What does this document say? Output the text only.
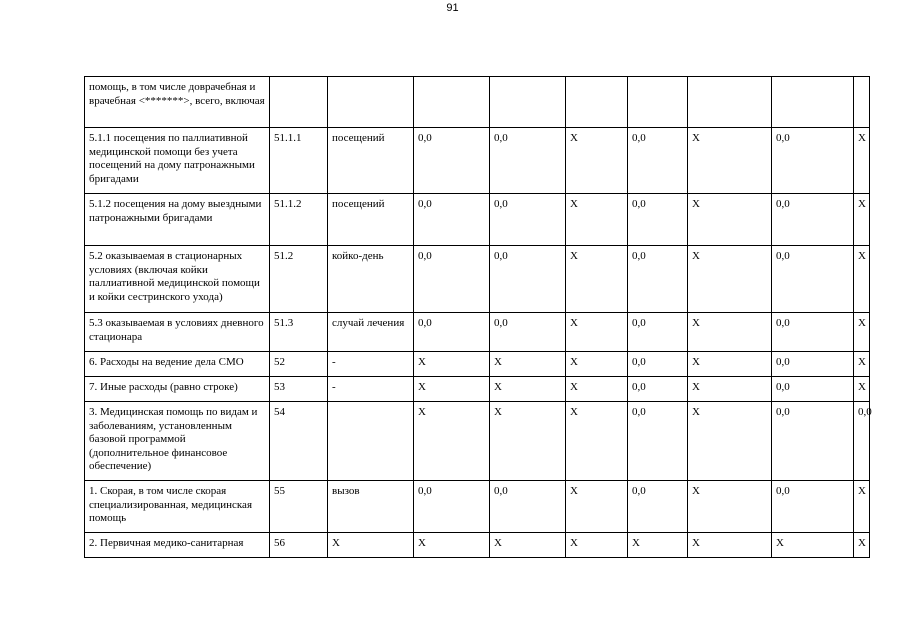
91
помощь, в том числе доврачебная и врачебная <*******>, всего, включая									
5.1.1 посещения по паллиативной медицинской помощи без учета посещений на дому патронажными бригадами	51.1.1	посещений	0,0	0,0	X	0,0	X	0,0	X
5.1.2 посещения на дому выездными патронажными бригадами	51.1.2	посещений	0,0	0,0	X	0,0	X	0,0	X
5.2 оказываемая в стационарных условиях (включая койки паллиативной медицинской помощи и койки сестринского ухода)	51.2	койко-день	0,0	0,0	X	0,0	X	0,0	X
5.3 оказываемая в условиях дневного стационара	51.3	случай лечения	0,0	0,0	X	0,0	X	0,0	X
6. Расходы на ведение дела СМО	52	-	X	X	X	0,0	X	0,0	X
7. Иные расходы (равно строке)	53	-	X	X	X	0,0	X	0,0	X
3. Медицинская помощь по видам и заболеваниям, установленным базовой программой (дополнительное финансовое обеспечение)	54		X	X	X	0,0	X	0,0	0,0
1. Скорая, в том числе скорая специализированная, медицинская помощь	55	вызов	0,0	0,0	X	0,0	X	0,0	X
2. Первичная медико-санитарная	56	X	X	X	X	X	X	X	X
